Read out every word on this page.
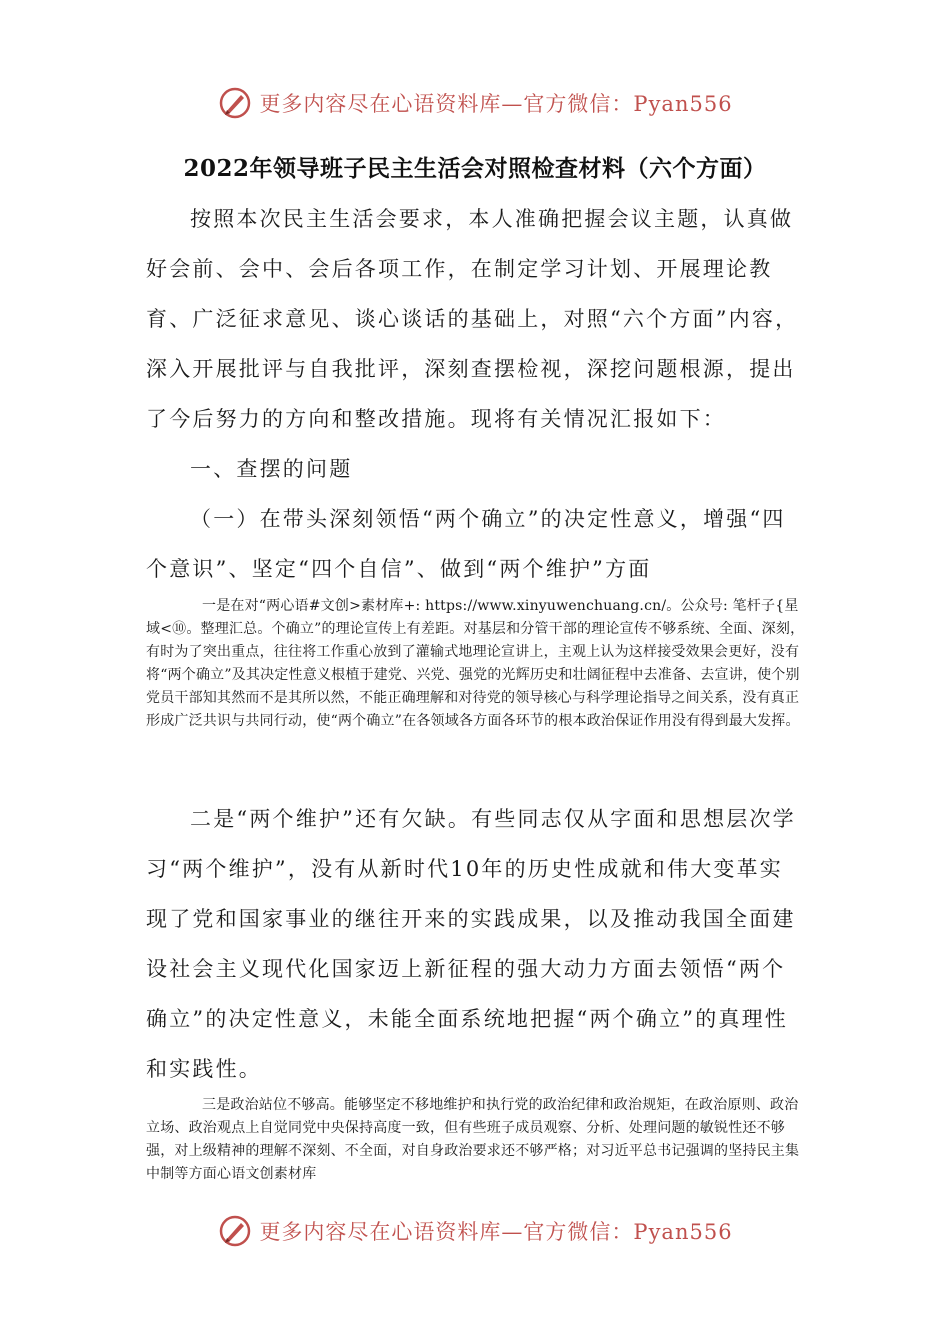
更多内容尽在心语资料库—官方微信：Pyan556
2022年领导班子民主生活会对照检查材料（六个方面）

按照本次民主生活会要求，本人准确把握会议主题，认真做好会前、会中、会后各项工作，在制定学习计划、开展理论教育、广泛征求意见、谈心谈话的基础上，对照“六个方面”内容，深入开展批评与自我批评，深刻查摆检视，深挖问题根源，提出了今后努力的方向和整改措施。现将有关情况汇报如下：

一、查摆的问题

（一）在带头深刻领悟“两个确立”的决定性意义，增强“四个意识”、坚定“四个自信”、做到“两个维护”方面

一是在对“两心语#文创>素材库+: https://www.xinyuwenchuang.cn/。公众号: 笔杆子{星域<⑩。整理汇总。个确立”的理论宣传上有差距。对基层和分管干部的理论宣传不够系统、全面、深刻，有时为了突出重点，往往将工作重心放到了灌输式地理论宣讲上，主观上认为这样接受效果会更好，没有将“两个确立”及其决定性意义根植于建党、兴党、强党的光辉历史和壮阔征程中去准备、去宣讲，使个别党员干部知其然而不是其所以然，不能正确理解和对待党的领导核心与科学理论指导之间关系，没有真正形成广泛共识与共同行动，使“两个确立”在各领域各方面各环节的根本政治保证作用没有得到最大发挥。

二是“两个维护”还有欠缺。有些同志仅从字面和思想层次学习“两个维护”，没有从新时代10年的历史性成就和伟大变革实现了党和国家事业的继往开来的实践成果，以及推动我国全面建设社会主义现代化国家迈上新征程的强大动力方面去领悟“两个确立”的决定性意义，未能全面系统地把握“两个确立”的真理性和实践性。

三是政治站位不够高。能够坚定不移地维护和执行党的政治纪律和政治规矩，在政治原则、政治立场、政治观点上自觉同党中央保持高度一致，但有些班子成员观察、分析、处理问题的敏锐性还不够强，对上级精神的理解不深刻、不全面，对自身政治要求还不够严格；对习近平总书记强调的坚持民主集中制等方面心语文创素材库

更多内容尽在心语资料库—官方微信：Pyan556
